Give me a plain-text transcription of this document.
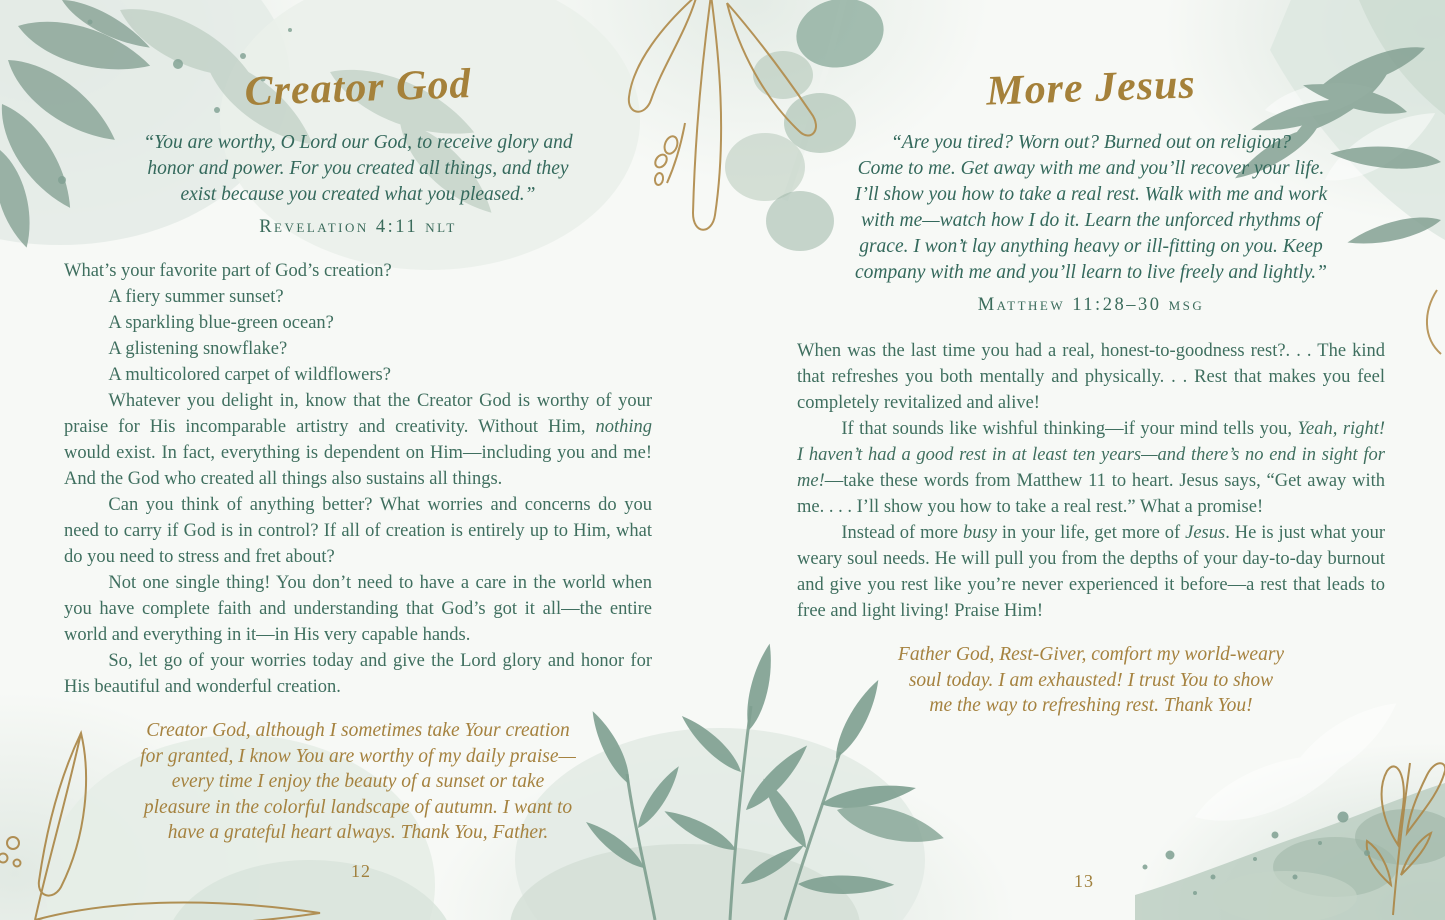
Creator God
“You are worthy, O Lord our God, to receive glory and
honor and power. For you created all things, and they
exist because you created what you pleased.”
Revelation 4:11 nlt

What’s your favorite part of God’s creation?

A fiery summer sunset?

A sparkling blue-green ocean?

A glistening snowflake?

A multicolored carpet of wildflowers?

Whatever you delight in, know that the Creator God is worthy of your praise for His incomparable artistry and creativity. Without Him, nothing would exist. In fact, everything is dependent on Him—including you and me! And the God who created all things also sustains all things.

Can you think of anything better? What worries and concerns do you need to carry if God is in control? If all of creation is entirely up to Him, what do you need to stress and fret about?

Not one single thing! You don’t need to have a care in the world when you have complete faith and understanding that God’s got it all—the entire world and everything in it—in His very capable hands.

So, let go of your worries today and give the Lord glory and honor for His beautiful and wonderful creation.

Creator God, although I sometimes take Your creation
for granted, I know You are worthy of my daily praise—
every time I enjoy the beauty of a sunset or take
pleasure in the colorful landscape of autumn. I want to
have a grateful heart always. Thank You, Father.
12
More Jesus
“Are you tired? Worn out? Burned out on religion?
Come to me. Get away with me and you’ll recover your life.
I’ll show you how to take a real rest. Walk with me and work
with me—watch how I do it. Learn the unforced rhythms of
grace. I won’t lay anything heavy or ill-fitting on you. Keep
company with me and you’ll learn to live freely and lightly.”
Matthew 11:28–30 msg

When was the last time you had a real, honest-to-goodness rest?. . . The kind that refreshes you both mentally and physically. . . Rest that makes you feel completely revitalized and alive!

If that sounds like wishful thinking—if your mind tells you, Yeah, right! I haven’t had a good rest in at least ten years—and there’s no end in sight for me!—take these words from Matthew 11 to heart. Jesus says, “Get away with me. . . . I’ll show you how to take a real rest.” What a promise!

Instead of more busy in your life, get more of Jesus. He is just what your weary soul needs. He will pull you from the depths of your day-to-day burnout and give you rest like you’re never experienced it before—a rest that leads to free and light living! Praise Him!

Father God, Rest-Giver, comfort my world-weary
soul today. I am exhausted! I trust You to show
me the way to refreshing rest. Thank You!
13
